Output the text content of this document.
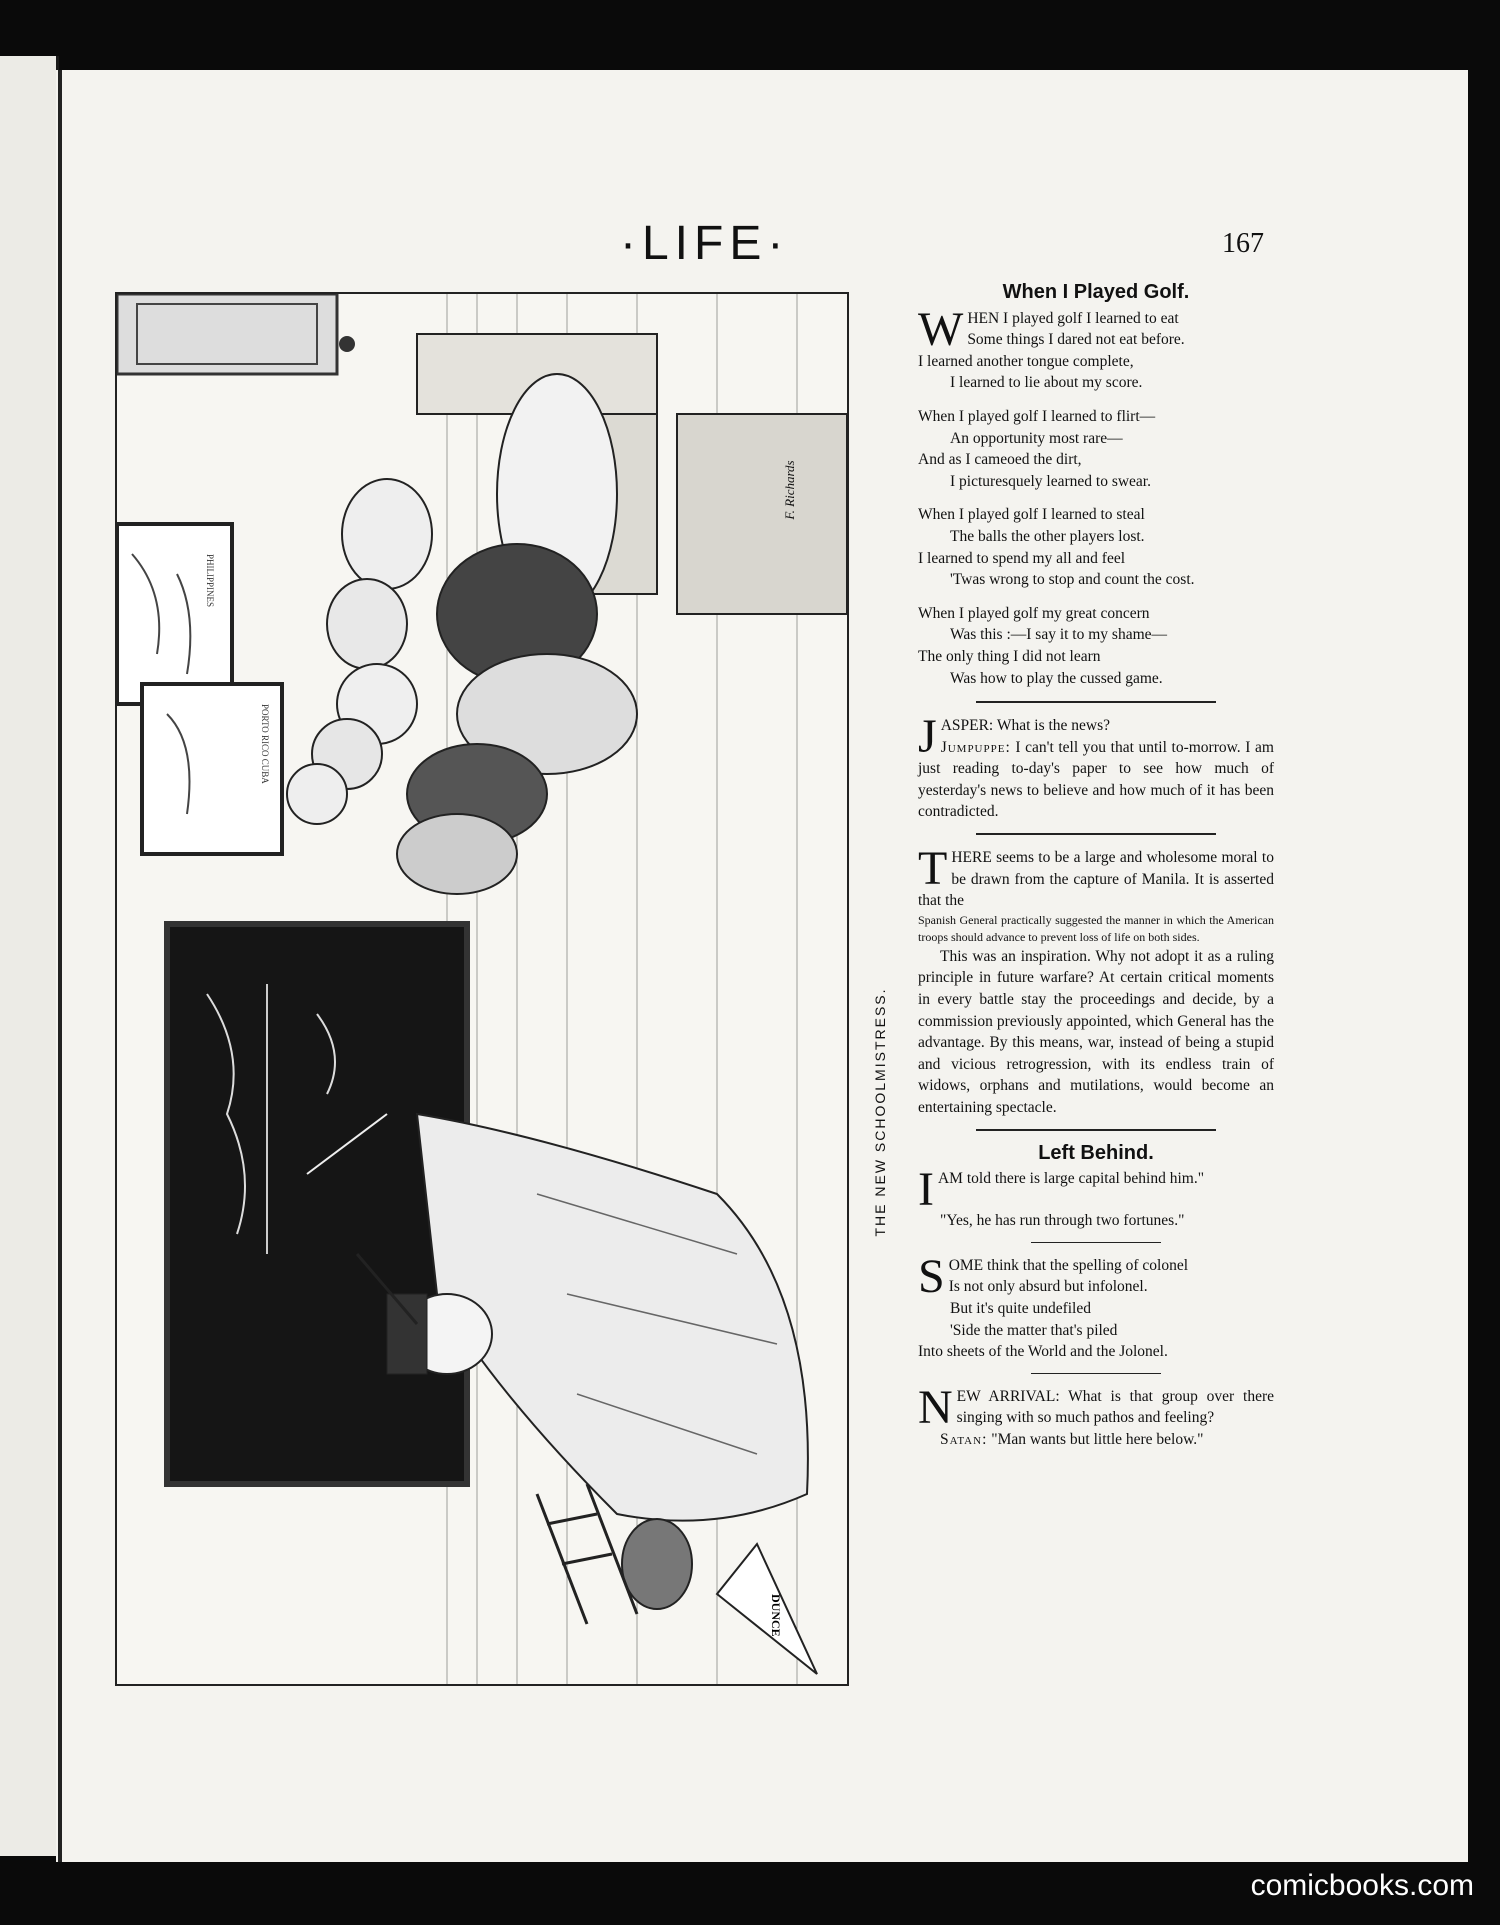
·LIFE·	167
PHILIPPINES
PORTO RICO CUBA
DUNCE
F. Richards
THE NEW SCHOOLMISTRESS.
When I Played Golf.
W HEN I played golf I learned to eat
Some things I dared not eat before.
I learned another tongue complete,
I learned to lie about my score.
When I played golf I learned to flirt—
An opportunity most rare—
And as I cameoed the dirt,
I picturesquely learned to swear.
When I played golf I learned to steal
The balls the other players lost.
I learned to spend my all and feel
'Twas wrong to stop and count the cost.
When I played golf my great concern
Was this :—I say it to my shame—
The only thing I did not learn
Was how to play the cussed game.
J ASPER: What is the news?
Jumpuppe: I can't tell you that until to-morrow. I am just reading to-day's paper to see how much of yesterday's news to believe and how much of it has been contradicted.

T HERE seems to be a large and wholesome moral to be drawn from the capture of Manila. It is asserted that the

Spanish General practically suggested the manner in which the American troops should advance to prevent loss of life on both sides.

This was an inspiration. Why not adopt it as a ruling principle in future warfare? At certain critical moments in every battle stay the proceedings and decide, by a commission previously appointed, which General has the advantage. By this means, war, instead of being a stupid and vicious retrogression, with its endless train of widows, orphans and mutilations, would become an entertaining spectacle.

Left Behind.
I AM told there is large capital behind him."

"Yes, he has run through two fortunes."

S OME think that the spelling of colonel
Is not only absurd but infolonel.
But it's quite undefiled
'Side the matter that's piled
Into sheets of the World and the Jolonel.
N EW ARRIVAL: What is that group over there singing with so much pathos and feeling?

Satan: "Man wants but little here below."

comicbooks.com
